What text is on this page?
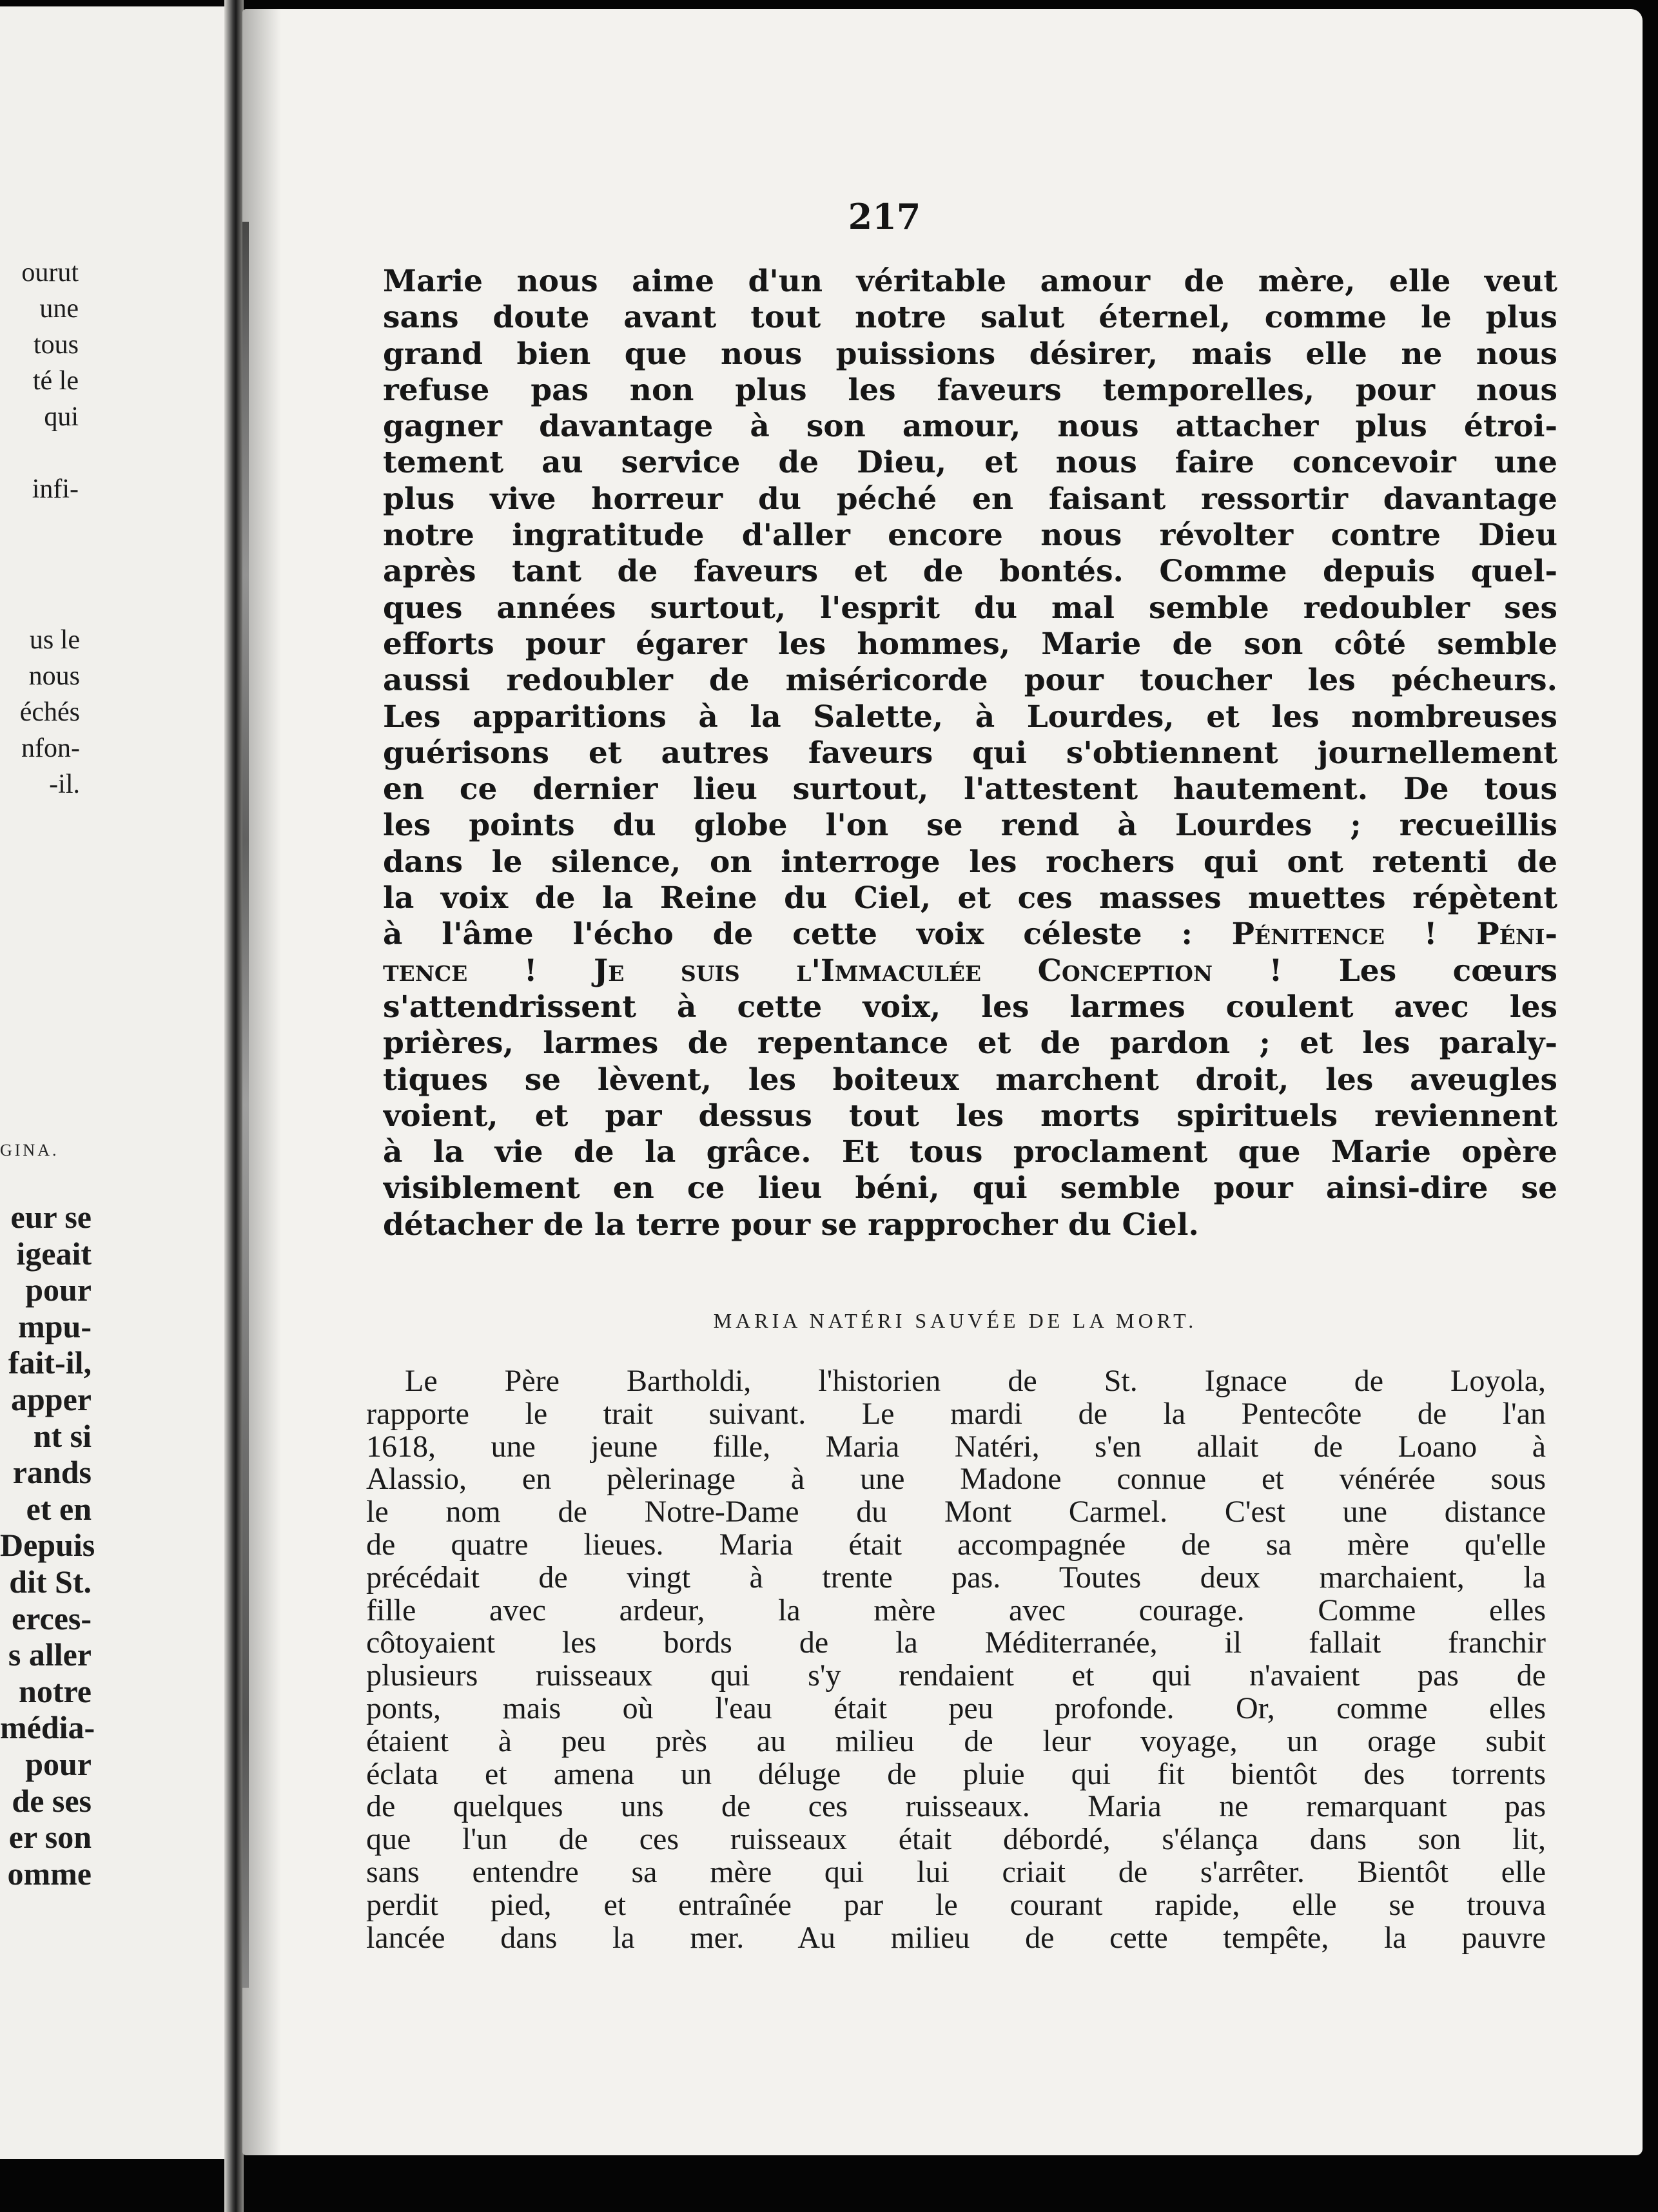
ourut
une
tous
té le
qui

infi-
us le
nous
échés
nfon-
-il.
GINA.
eur se
igeait
pour
mpu-
fait-il,
apper
nt si
rands
et en
Depuis
dit St.
erces-
s aller
notre
média-
pour
de ses
er son
omme
217
Marie nous aime d'un véritable amour de mère, elle veut
sans doute avant tout notre salut éternel, comme le plus
grand bien que nous puissions désirer, mais elle ne nous
refuse pas non plus les faveurs temporelles, pour nous
gagner davantage à son amour, nous attacher plus étroi-
tement au service de Dieu, et nous faire concevoir une
plus vive horreur du péché en faisant ressortir davantage
notre ingratitude d'aller encore nous révolter contre Dieu
après tant de faveurs et de bontés. Comme depuis quel-
ques années surtout, l'esprit du mal semble redoubler ses
efforts pour égarer les hommes, Marie de son côté semble
aussi redoubler de miséricorde pour toucher les pécheurs.
Les apparitions à la Salette, à Lourdes, et les nombreuses
guérisons et autres faveurs qui s'obtiennent journellement
en ce dernier lieu surtout, l'attestent hautement. De tous
les points du globe l'on se rend à Lourdes ; recueillis
dans le silence, on interroge les rochers qui ont retenti de
la voix de la Reine du Ciel, et ces masses muettes répètent
à l'âme l'écho de cette voix céleste : Pénitence ! Péni-
tence ! Je suis l'Immaculée Conception ! Les cœurs
s'attendrissent à cette voix, les larmes coulent avec les
prières, larmes de repentance et de pardon ; et les paraly-
tiques se lèvent, les boiteux marchent droit, les aveugles
voient, et par dessus tout les morts spirituels reviennent
à la vie de la grâce. Et tous proclament que Marie opère
visiblement en ce lieu béni, qui semble pour ainsi-dire se
détacher de la terre pour se rapprocher du Ciel.
MARIA NATÉRI SAUVÉE DE LA MORT.
Le Père Bartholdi, l'historien de St. Ignace de Loyola,
rapporte le trait suivant. Le mardi de la Pentecôte de l'an
1618, une jeune fille, Maria Natéri, s'en allait de Loano à
Alassio, en pèlerinage à une Madone connue et vénérée sous
le nom de Notre-Dame du Mont Carmel. C'est une distance
de quatre lieues. Maria était accompagnée de sa mère qu'elle
précédait de vingt à trente pas. Toutes deux marchaient, la
fille avec ardeur, la mère avec courage. Comme elles
côtoyaient les bords de la Méditerranée, il fallait franchir
plusieurs ruisseaux qui s'y rendaient et qui n'avaient pas de
ponts, mais où l'eau était peu profonde. Or, comme elles
étaient à peu près au milieu de leur voyage, un orage subit
éclata et amena un déluge de pluie qui fit bientôt des torrents
de quelques uns de ces ruisseaux. Maria ne remarquant pas
que l'un de ces ruisseaux était débordé, s'élança dans son lit,
sans entendre sa mère qui lui criait de s'arrêter. Bientôt elle
perdit pied, et entraînée par le courant rapide, elle se trouva
lancée dans la mer. Au milieu de cette tempête, la pauvre
